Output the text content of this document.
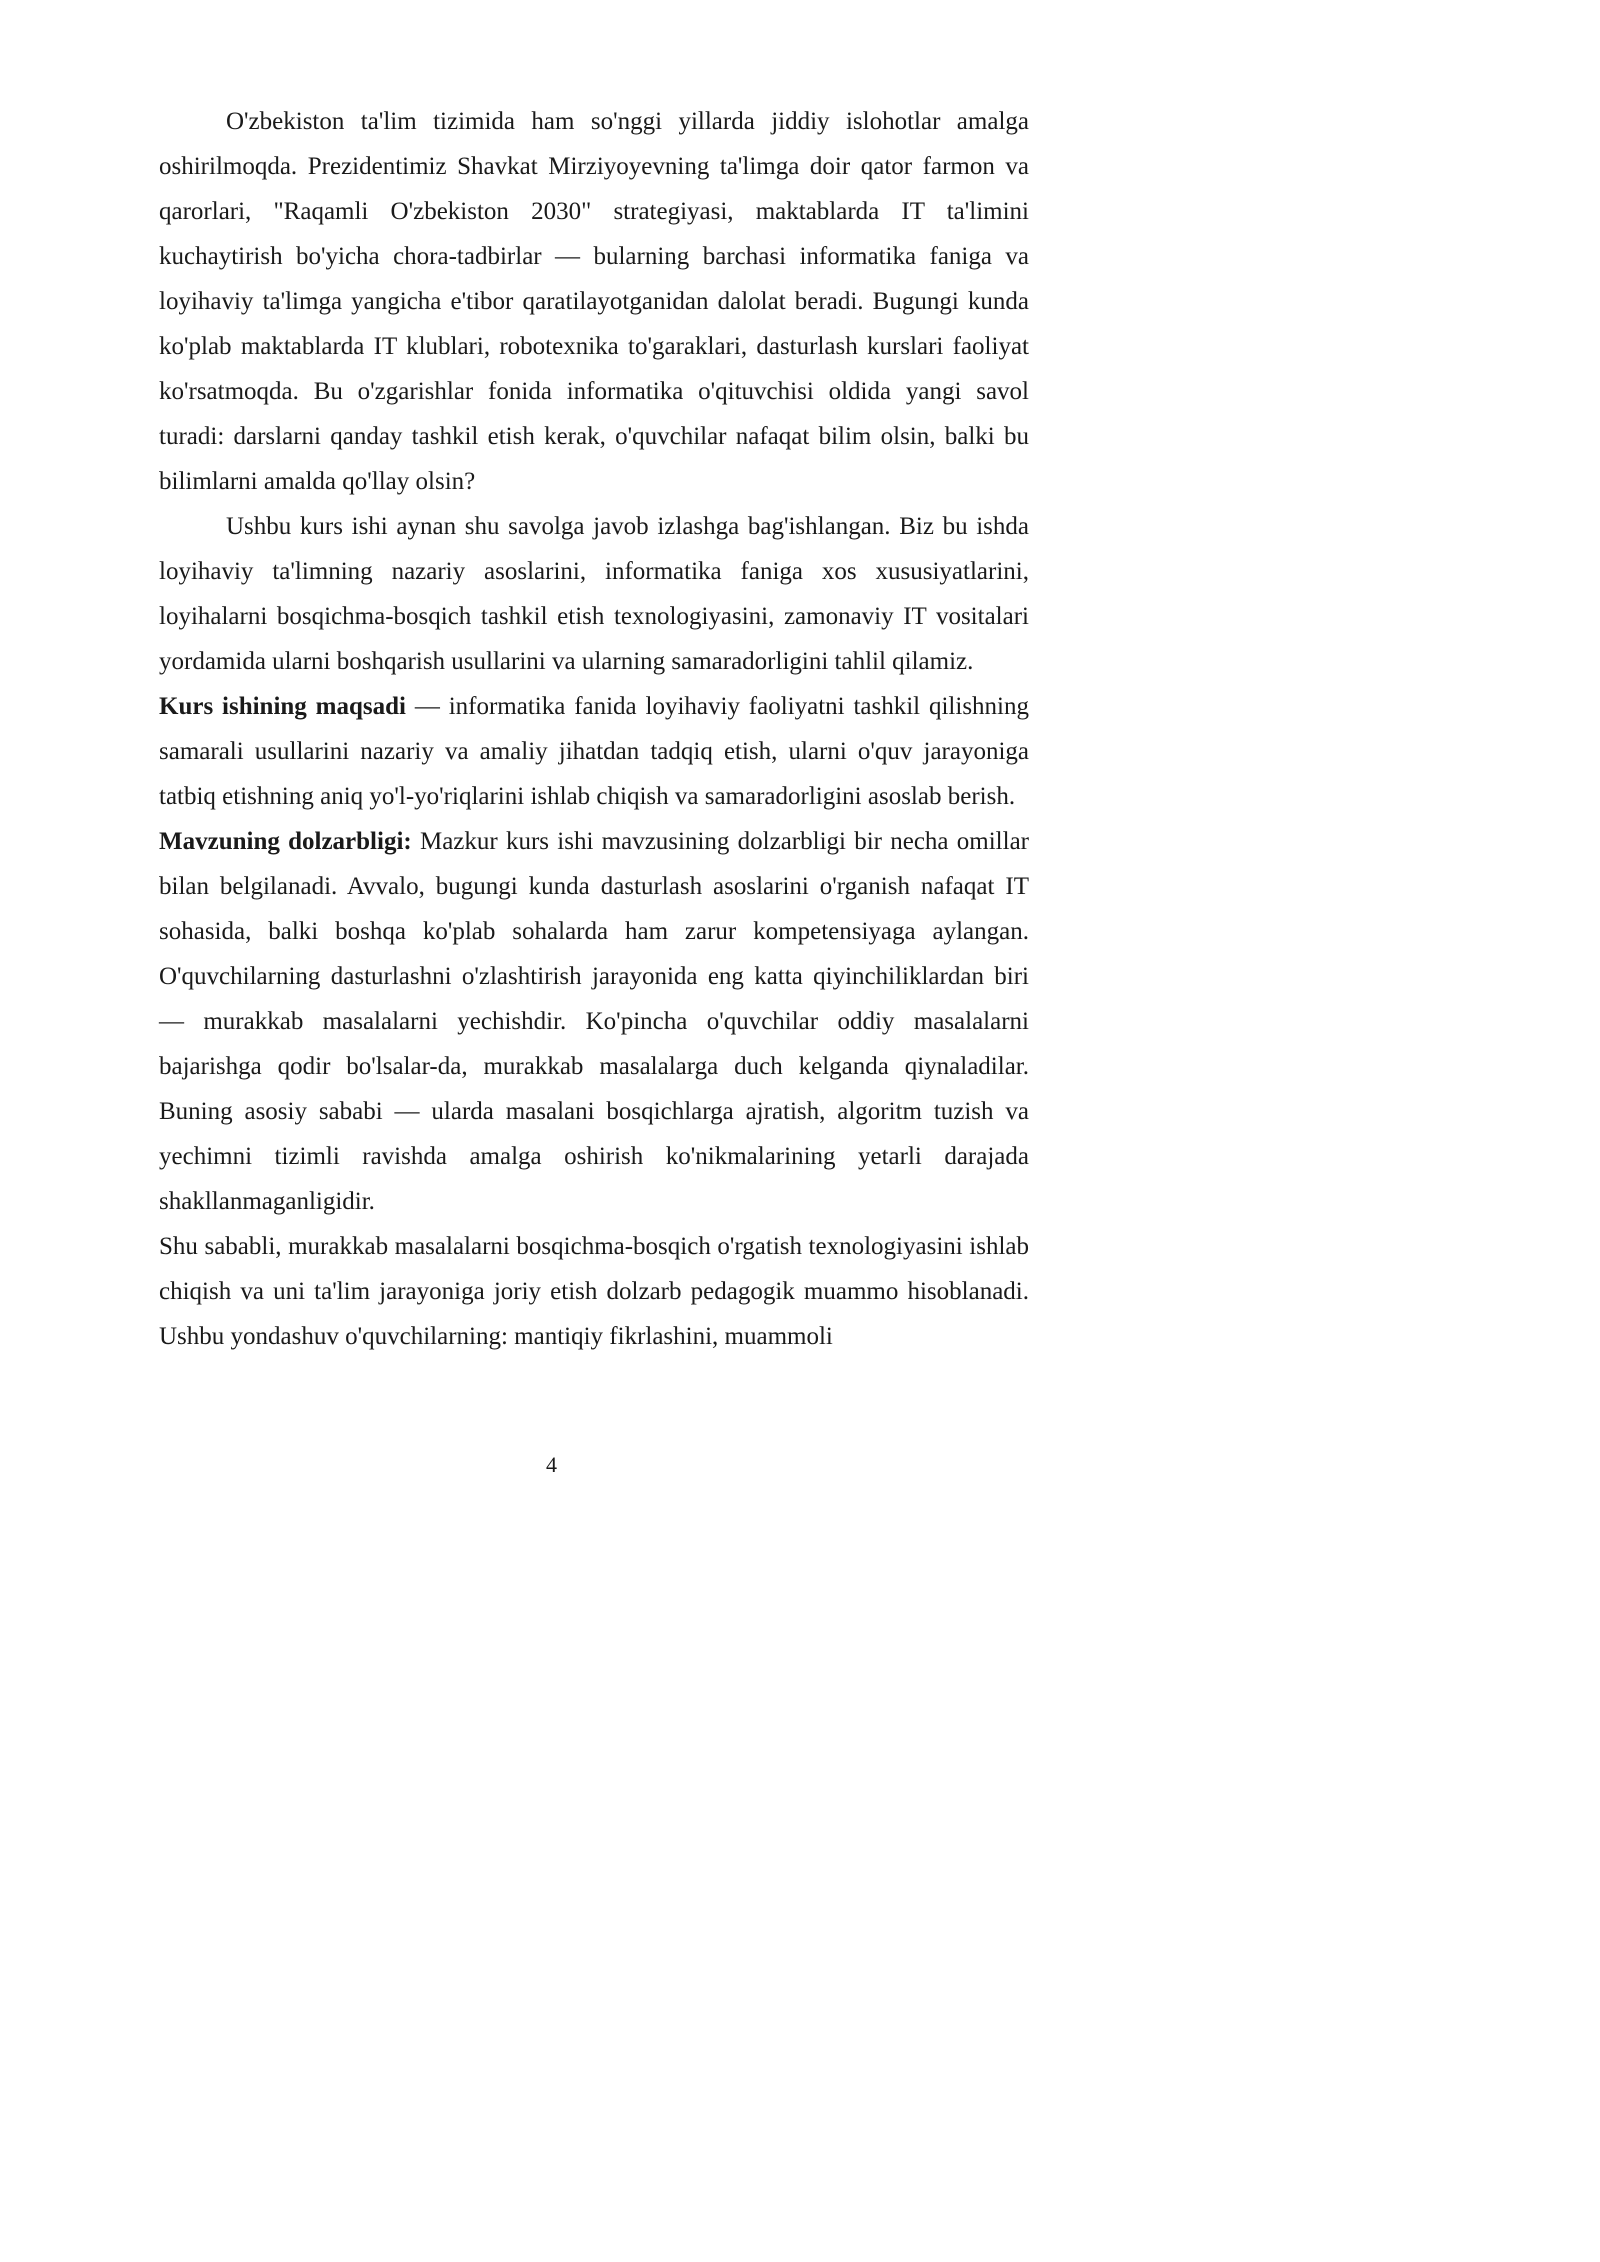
O'zbekiston ta'lim tizimida ham so'nggi yillarda jiddiy islohotlar amalga oshirilmoqda. Prezidentimiz Shavkat Mirziyoyevning ta'limga doir qator farmon va qarorlari, "Raqamli O'zbekiston 2030" strategiyasi, maktablarda IT ta'limini kuchaytirish bo'yicha chora-tadbirlar — bularning barchasi informatika faniga va loyihaviy ta'limga yangicha e'tibor qaratilayotganidan dalolat beradi. Bugungi kunda ko'plab maktablarda IT klublari, robotexnika to'garaklari, dasturlash kurslari faoliyat ko'rsatmoqda. Bu o'zgarishlar fonida informatika o'qituvchisi oldida yangi savol turadi: darslarni qanday tashkil etish kerak, o'quvchilar nafaqat bilim olsin, balki bu bilimlarni amalda qo'llay olsin?

Ushbu kurs ishi aynan shu savolga javob izlashga bag'ishlangan. Biz bu ishda loyihaviy ta'limning nazariy asoslarini, informatika faniga xos xususiyatlarini, loyihalarni bosqichma-bosqich tashkil etish texnologiyasini, zamonaviy IT vositalari yordamida ularni boshqarish usullarini va ularning samaradorligini tahlil qilamiz.

Kurs ishining maqsadi — informatika fanida loyihaviy faoliyatni tashkil qilishning samarali usullarini nazariy va amaliy jihatdan tadqiq etish, ularni o'quv jarayoniga tatbiq etishning aniq yo'l-yo'riqlarini ishlab chiqish va samaradorligini asoslab berish.

Mavzuning dolzarbligi: Mazkur kurs ishi mavzusining dolzarbligi bir necha omillar bilan belgilanadi. Avvalo, bugungi kunda dasturlash asoslarini o'rganish nafaqat IT sohasida, balki boshqa ko'plab sohalarda ham zarur kompetensiyaga aylangan. O'quvchilarning dasturlashni o'zlashtirish jarayonida eng katta qiyinchiliklardan biri — murakkab masalalarni yechishdir. Ko'pincha o'quvchilar oddiy masalalarni bajarishga qodir bo'lsalar-da, murakkab masalalarga duch kelganda qiynaladilar. Buning asosiy sababi — ularda masalani bosqichlarga ajratish, algoritm tuzish va yechimni tizimli ravishda amalga oshirish ko'nikmalarining yetarli darajada shakllanmaganligidir.

Shu sababli, murakkab masalalarni bosqichma-bosqich o'rgatish texnologiyasini ishlab chiqish va uni ta'lim jarayoniga joriy etish dolzarb pedagogik muammo hisoblanadi. Ushbu yondashuv o'quvchilarning: mantiqiy fikrlashini, muammoli

4
